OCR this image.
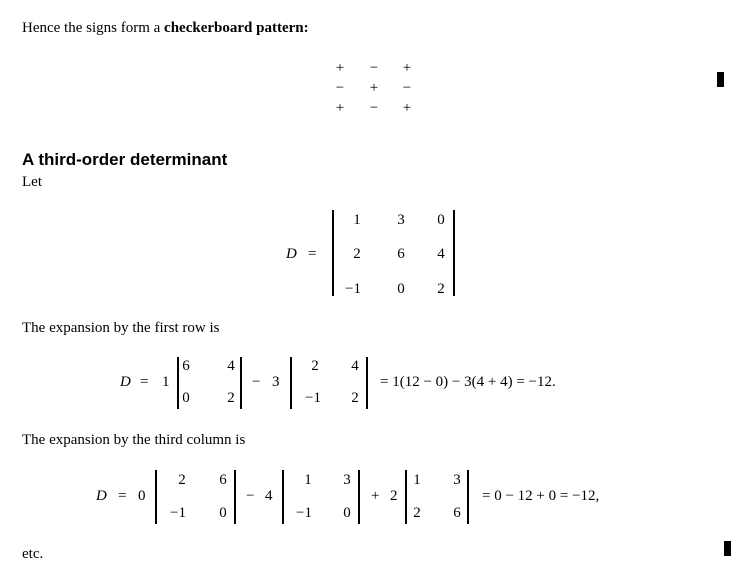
Hence the signs form a checkerboard pattern:
+	−	+
−	+	−
+	−	+
A third-order determinant
Let
D =
1	3	0
2	6	4
−1	0	2
The expansion by the first row is
D = 1
6	4
0	2
− 3
2	4
−1	2
= 1(12 − 0) − 3(4 + 4) = −12.
The expansion by the third column is
D = 0
2	6
−1	0
− 4
1	3
−1	0
+ 2
1	3
2	6
= 0 − 12 + 0 = −12,
etc.
